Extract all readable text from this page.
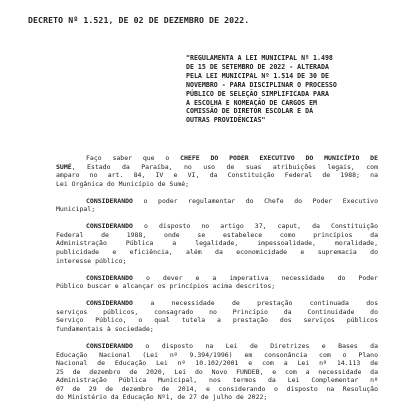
DECRETO Nº 1.521, DE 02 DE DEZEMBRO DE 2022.
"REGULAMENTA A LEI MUNICIPAL Nº 1.498
DE 15 DE SETEMBRO DE 2022 - ALTERADA
PELA LEI MUNICIPAL Nº 1.514 DE 30 DE
NOVEMBRO - PARA DISCIPLINAR O PROCESSO
PÚBLICO DE SELEÇÃO SIMPLIFICADA PARA
A ESCOLHA E NOMEAÇÃO DE CARGOS EM
COMISSÃO DE DIRETOR ESCOLAR E DÁ
OUTRAS PROVIDÊNCIAS"
Faço saber que o CHEFE DO PODER EXECUTIVO DO MUNICÍPIO DE
SUMÉ, Estado da Paraíba, no uso de suas atribuições legais, com
amparo no art. 84, IV e VI, da Constituição Federal de 1988; na
Lei Orgânica do Município de Sumé;
CONSIDERANDO o poder regulamentar do Chefe do Poder Executivo
Municipal;
CONSIDERANDO o disposto no artigo 37, caput, da Constituição
Federal de 1988, onde se estabelece como princípios da
Administração Pública a legalidade, impessoalidade, moralidade,
publicidade e eficiência, além da economicidade e supremacia do
interesse público;
CONSIDERANDO o dever e a imperativa necessidade do Poder
Público buscar e alcançar os princípios acima descritos;
CONSIDERANDO a necessidade de prestação continuada dos
serviços públicos, consagrado no Princípio da Continuidade do
Serviço Público, o qual tutela a prestação dos serviços públicos
fundamentais à sociedade;
CONSIDERANDO o disposto na Lei de Diretrizes e Bases da
Educação Nacional (Lei nº 9.394/1996) em consonância com o Plano
Nacional de Educação Lei nº 10.102/2001 e com a Lei nº 14.113 de
25 de dezembro de 2020, Lei do Novo FUNDEB, e com a necessidade da
Administração Pública Municipal, nos termos da Lei Complementar nº
07 de 29 de dezembro de 2014, e considerando o disposto na Resolução
do Ministério da Educação Nº1, de 27 de julho de 2022;
